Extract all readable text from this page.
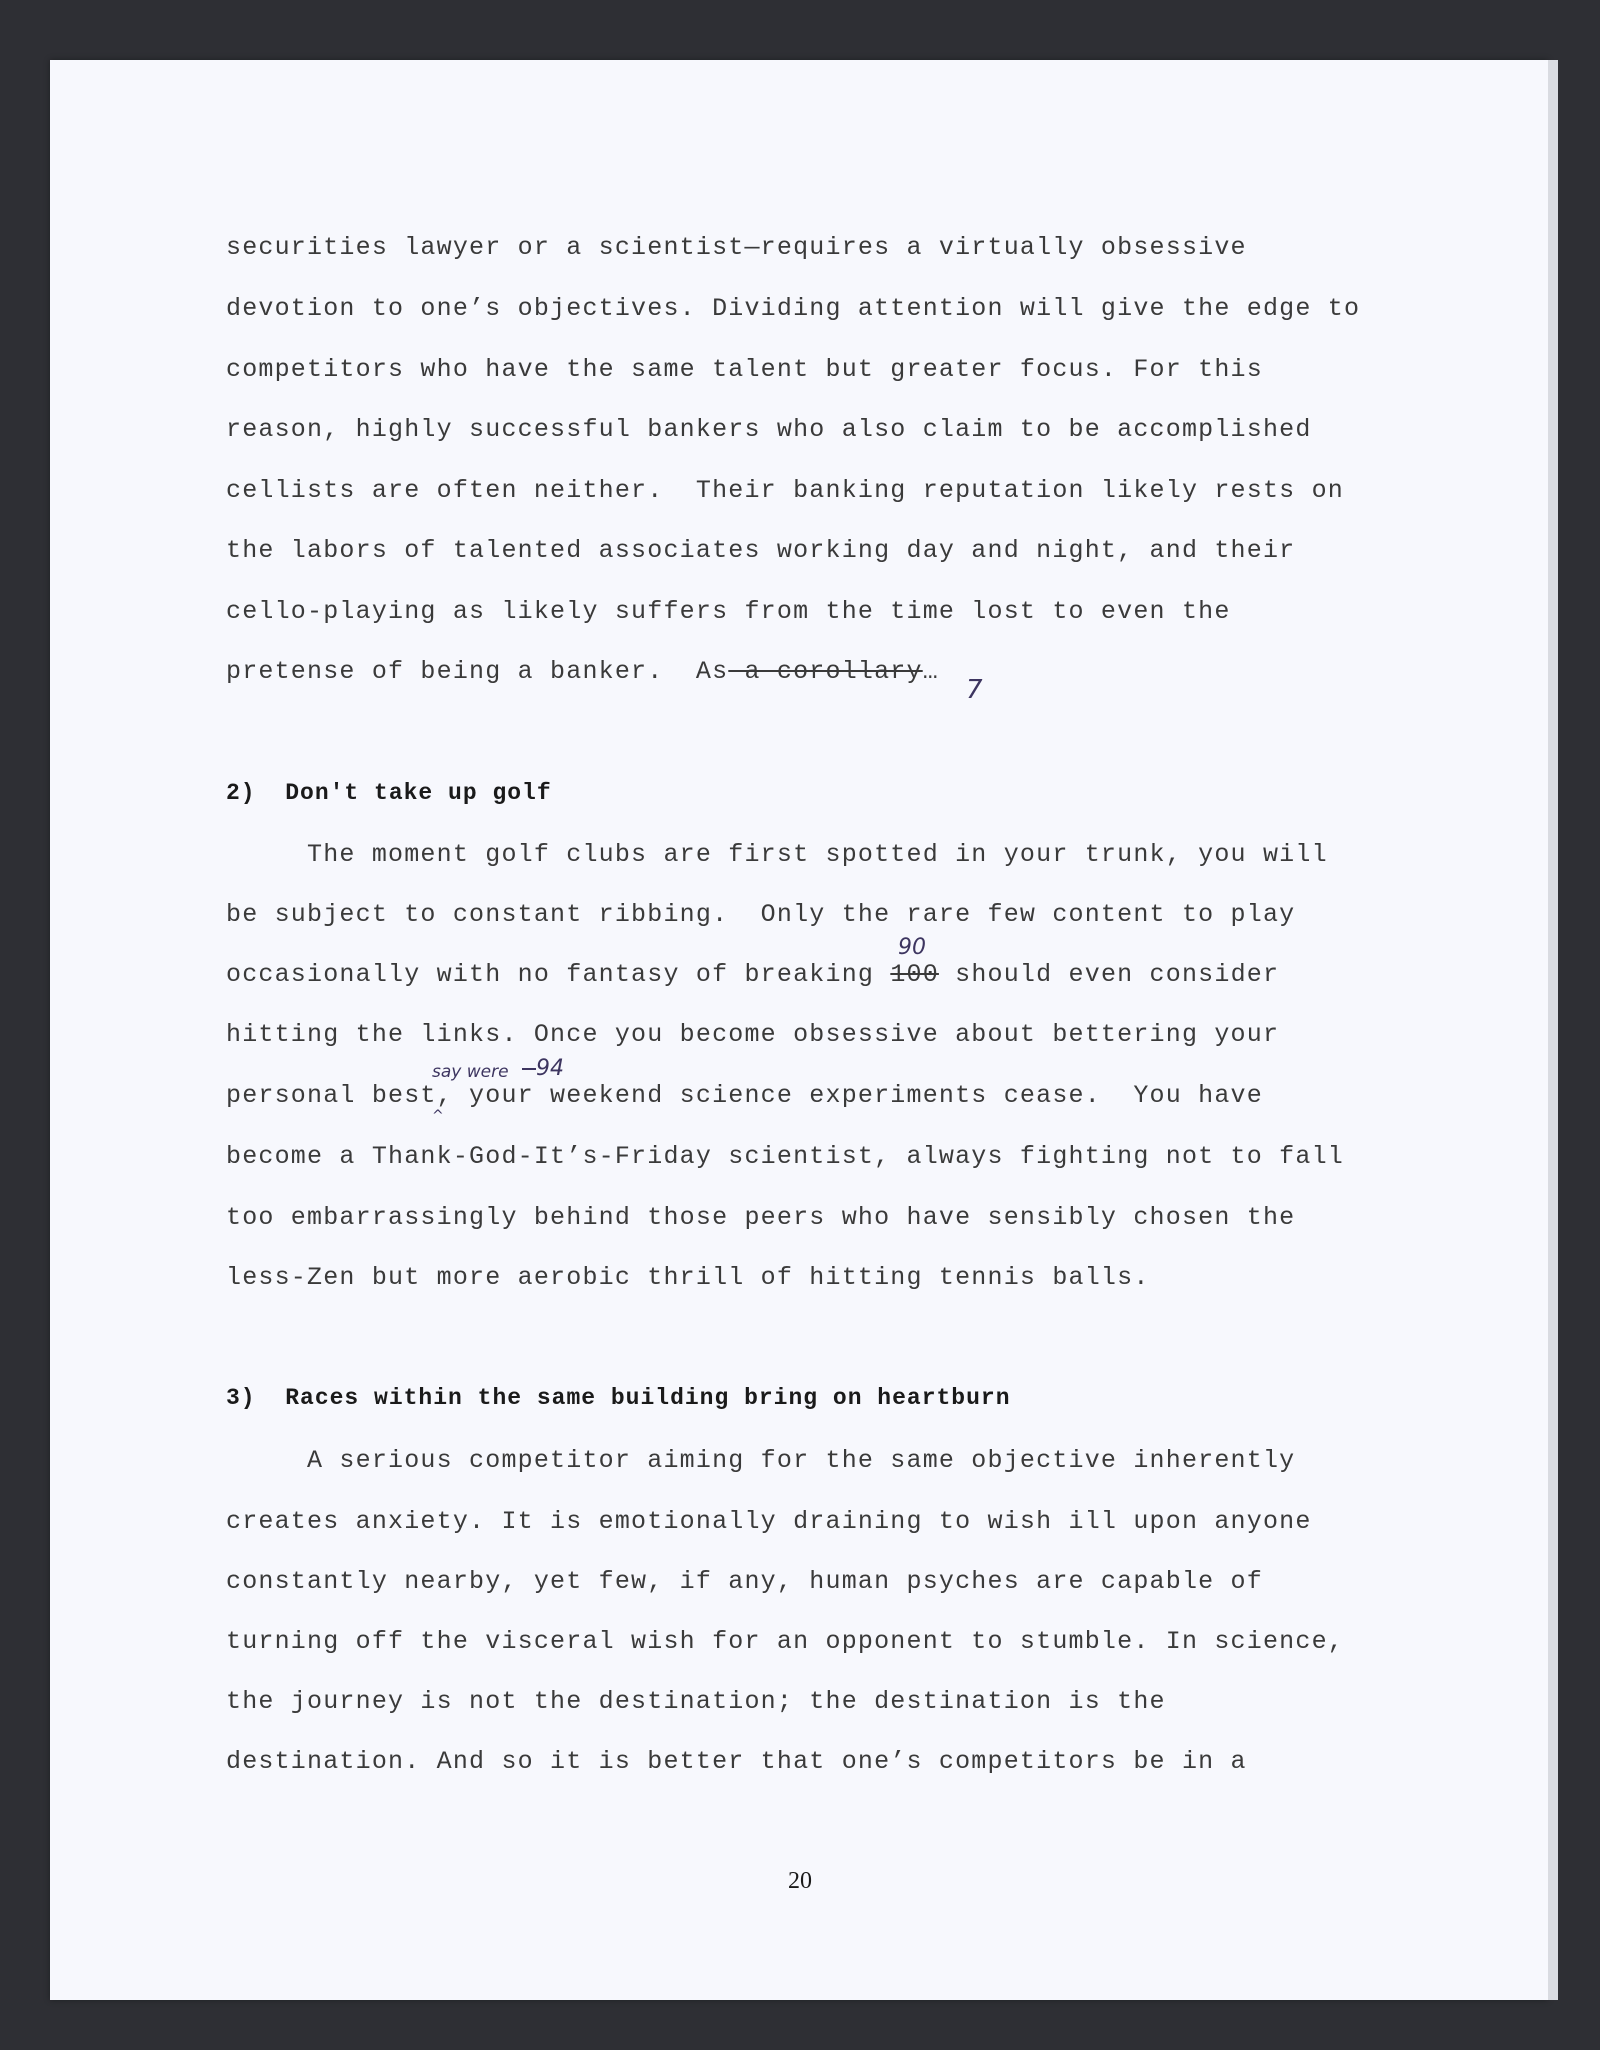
securities lawyer or a scientist—requires a virtually obsessive
devotion to one’s objectives. Dividing attention will give the edge to
competitors who have the same talent but greater focus. For this
reason, highly successful bankers who also claim to be accomplished
cellists are often neither.  Their banking reputation likely rests on
the labors of talented associates working day and night, and their
cello-playing as likely suffers from the time lost to even the
pretense of being a banker.  As a corollary…
2)  Don't take up golf
The moment golf clubs are first spotted in your trunk, you will
be subject to constant ribbing.  Only the rare few content to play
occasionally with no fantasy of breaking 100 should even consider
hitting the links. Once you become obsessive about bettering your
personal best, your weekend science experiments cease.  You have
become a Thank-God-It’s-Friday scientist, always fighting not to fall
too embarrassingly behind those peers who have sensibly chosen the
less-Zen but more aerobic thrill of hitting tennis balls.
3)  Races within the same building bring on heartburn
A serious competitor aiming for the same objective inherently
creates anxiety. It is emotionally draining to wish ill upon anyone
constantly nearby, yet few, if any, human psyches are capable of
turning off the visceral wish for an opponent to stumble. In science,
the journey is not the destination; the destination is the
destination. And so it is better that one’s competitors be in a
7
90
say were	94
^
20
